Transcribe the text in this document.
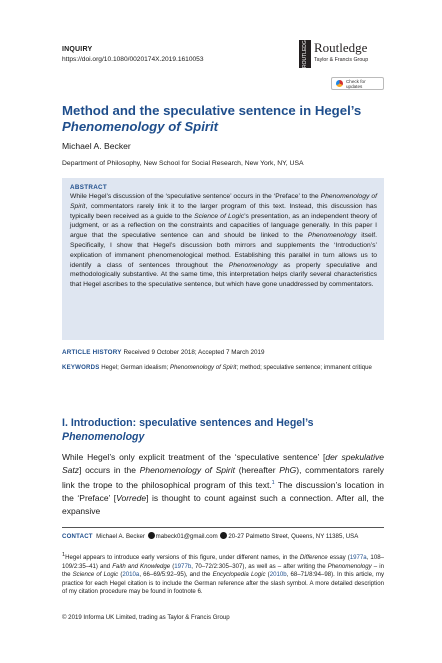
INQUIRY
https://doi.org/10.1080/0020174X.2019.1610053	ROUTLEDGE Routledge
Taylor & Francis Group
Check for updates
Method and the speculative sentence in Hegel’s
Phenomenology of Spirit
Michael A. Becker
Department of Philosophy, New School for Social Research, New York, NY, USA
ABSTRACT
While Hegel’s discussion of the ‘speculative sentence’ occurs in the ‘Preface’ to the Phenomenology of Spirit, commentators rarely link it to the larger program of this text. Instead, this discussion has typically been received as a guide to the Science of Logic’s presentation, as an independent theory of judgment, or as a reflection on the constraints and capacities of language generally. In this paper I argue that the speculative sentence can and should be linked to the Phenomenology itself. Specifically, I show that Hegel’s discussion both mirrors and supplements the ‘Introduction’s’ explication of immanent phenomenological method. Establishing this parallel in turn allows us to identify a class of sentences throughout the Phenomenology as properly speculative and methodologically substantive. At the same time, this interpretation helps clarify several characteristics that Hegel ascribes to the speculative sentence, but which have gone unaddressed by commentators.
ARTICLE HISTORY Received 9 October 2018; Accepted 7 March 2019
KEYWORDS Hegel; German idealism; Phenomenology of Spirit; method; speculative sentence; immanent critique
I. Introduction: speculative sentences and Hegel’s
Phenomenology
While Hegel’s only explicit treatment of the ‘speculative sentence’ [der spekulative Satz] occurs in the Phenomenology of Spirit (hereafter PhG), commentators rarely link the trope to the philosophical program of this text.$^1$ The discussion’s location in the ‘Preface’ [Vorrede] is thought to count against such a connection. After all, the expansive
CONTACT Michael A. Becker mabeck01@gmail.com 20-27 Palmetto Street, Queens, NY 11385, USA
$^1$Hegel appears to introduce early versions of this figure, under different names, in the Difference essay (1977a, 108–109/2:35–41) and Faith and Knowledge (1977b, 70–72/2:305–307), as well as – after writing the Phenomenology – in the Science of Logic (2010a, 66–69/5:92–95), and the Encyclopedia Logic (2010b, 68–71/8:94–98). In this article, my practice for each Hegel citation is to include the German reference after the slash symbol. A more detailed description of my citation procedure may be found in footnote 6.
© 2019 Informa UK Limited, trading as Taylor & Francis Group
